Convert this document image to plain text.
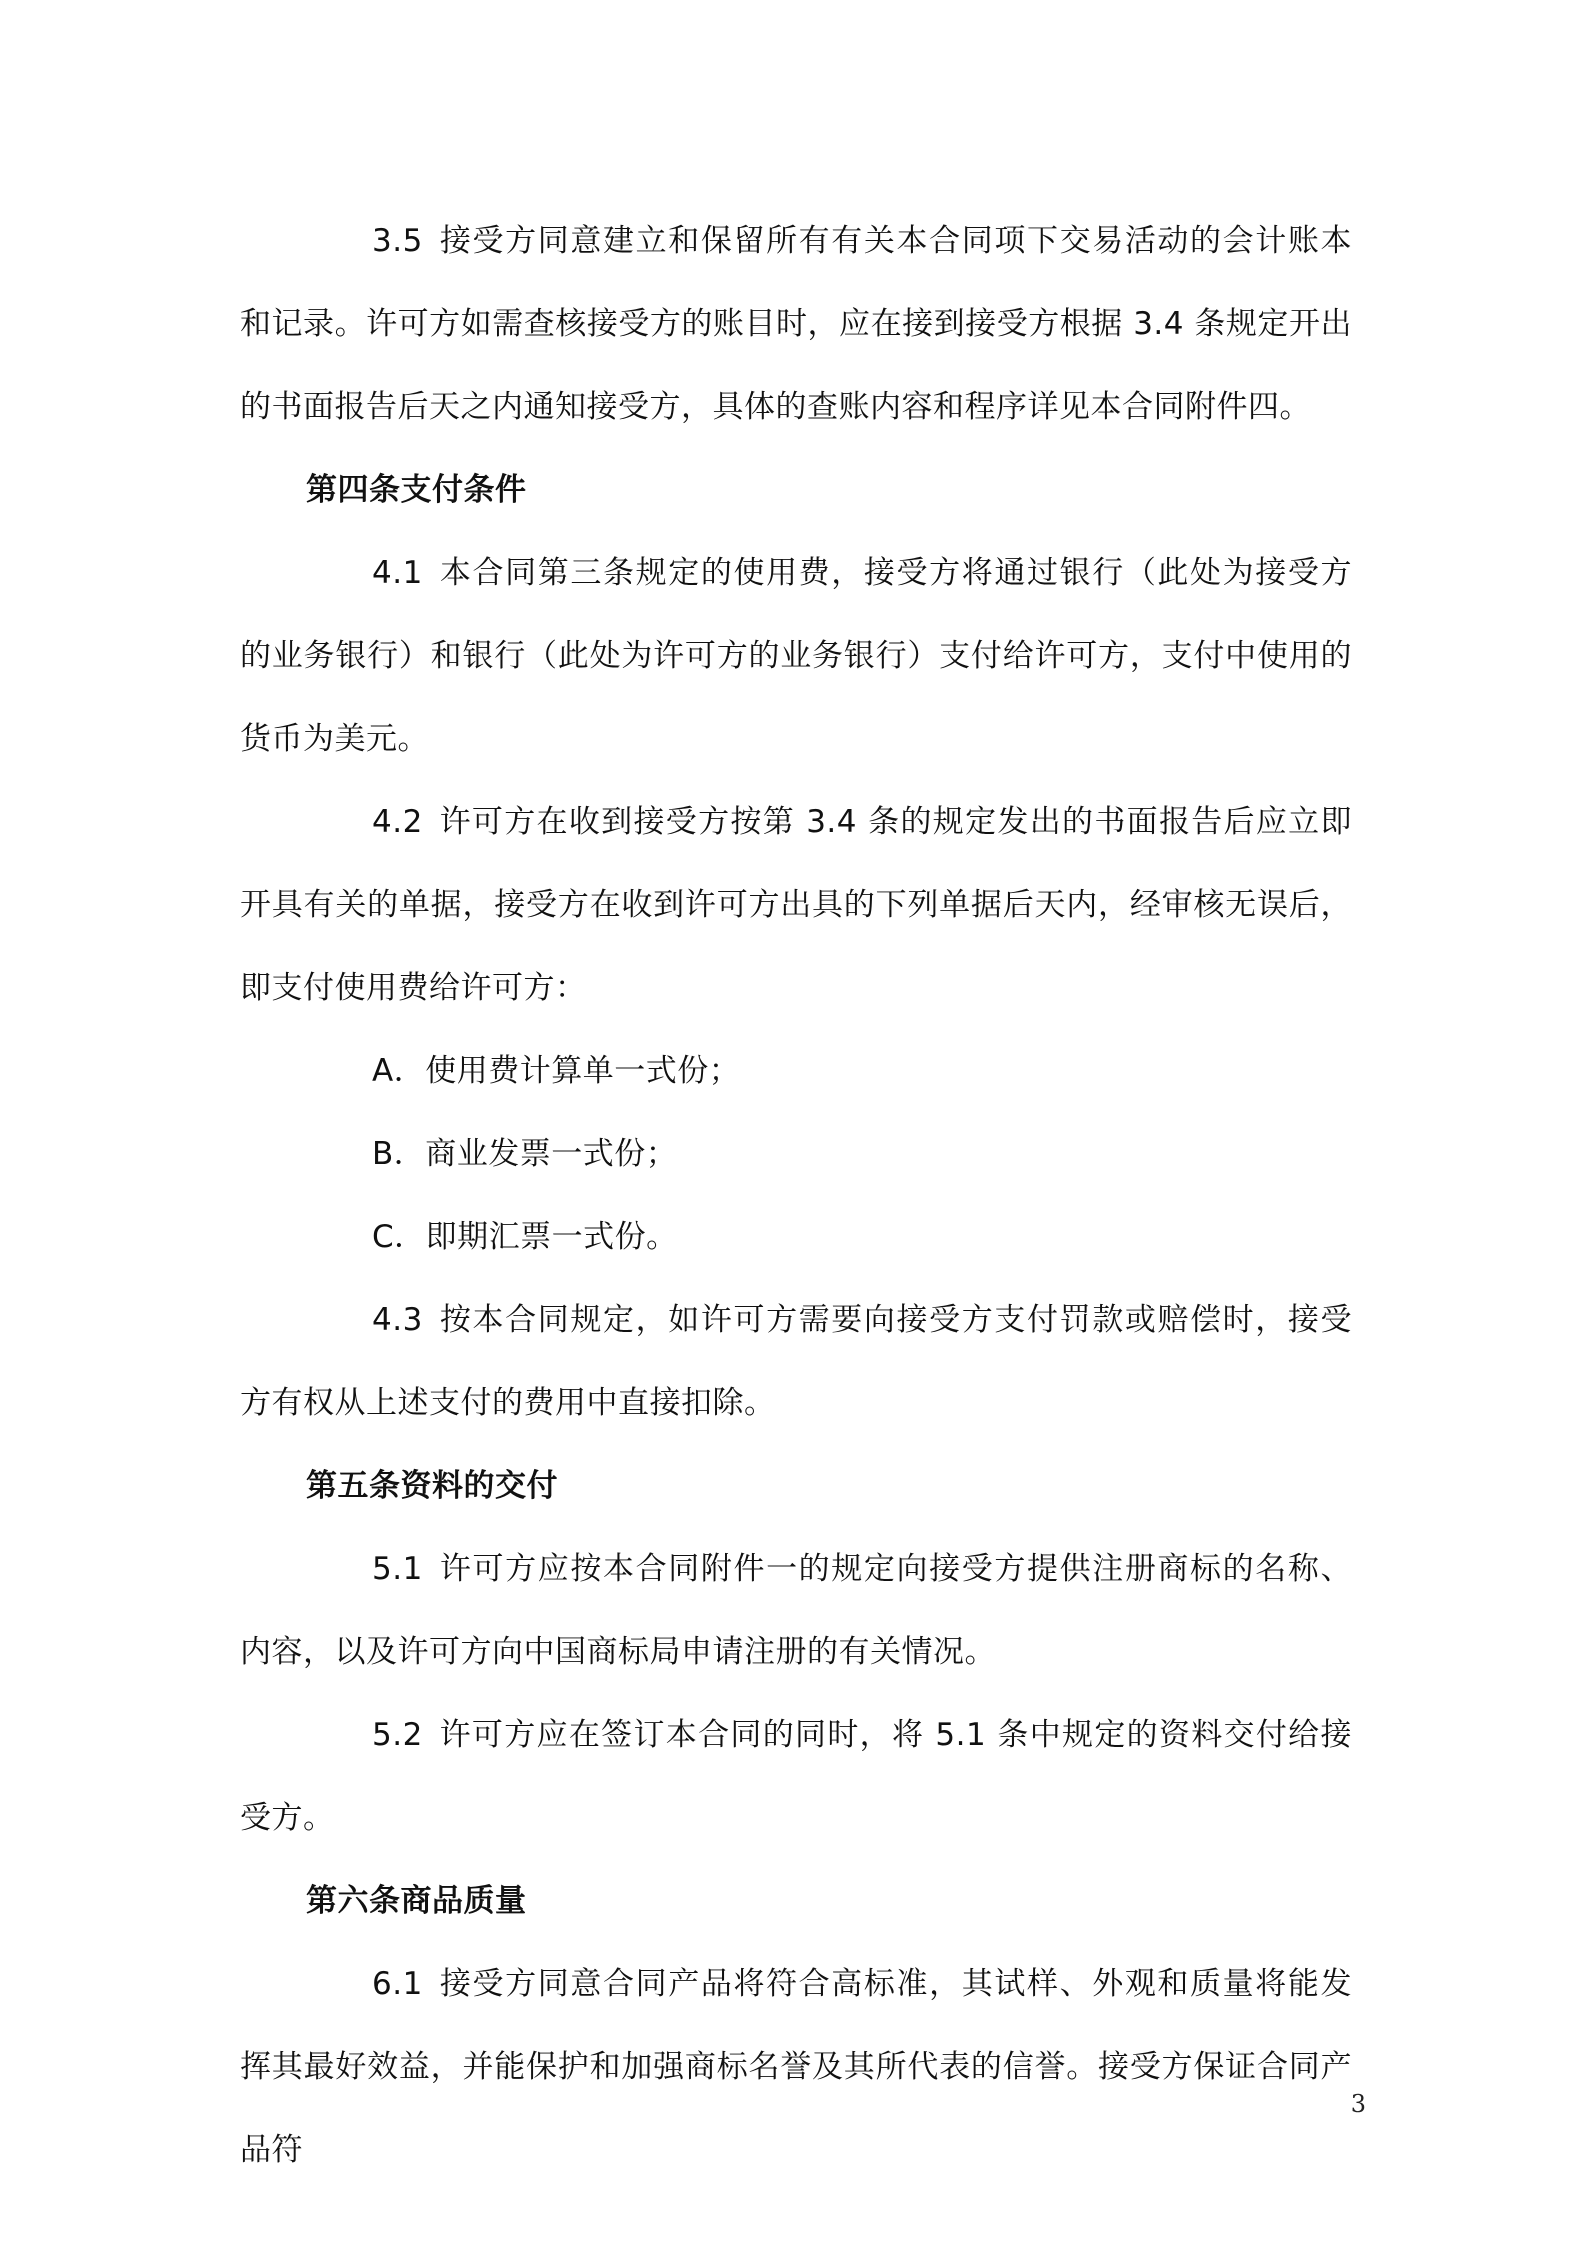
3.5 接受方同意建立和保留所有有关本合同项下交易活动的会计账本和记录。许可方如需查核接受方的账目时，应在接到接受方根据 3.4 条规定开出的书面报告后天之内通知接受方，具体的查账内容和程序详见本合同附件四。

第四条支付条件

4.1 本合同第三条规定的使用费，接受方将通过银行（此处为接受方的业务银行）和银行（此处为许可方的业务银行）支付给许可方，支付中使用的货币为美元。

4.2 许可方在收到接受方按第 3.4 条的规定发出的书面报告后应立即开具有关的单据，接受方在收到许可方出具的下列单据后天内，经审核无误后，即支付使用费给许可方：

A．使用费计算单一式份；

B．商业发票一式份；

C．即期汇票一式份。

4.3 按本合同规定，如许可方需要向接受方支付罚款或赔偿时，接受方有权从上述支付的费用中直接扣除。

第五条资料的交付

5.1 许可方应按本合同附件一的规定向接受方提供注册商标的名称、内容，以及许可方向中国商标局申请注册的有关情况。

5.2 许可方应在签订本合同的同时，将 5.1 条中规定的资料交付给接受方。

第六条商品质量

6.1 接受方同意合同产品将符合高标准，其试样、外观和质量将能发挥其最好效益，并能保护和加强商标名誉及其所代表的信誉。接受方保证合同产品符

3
